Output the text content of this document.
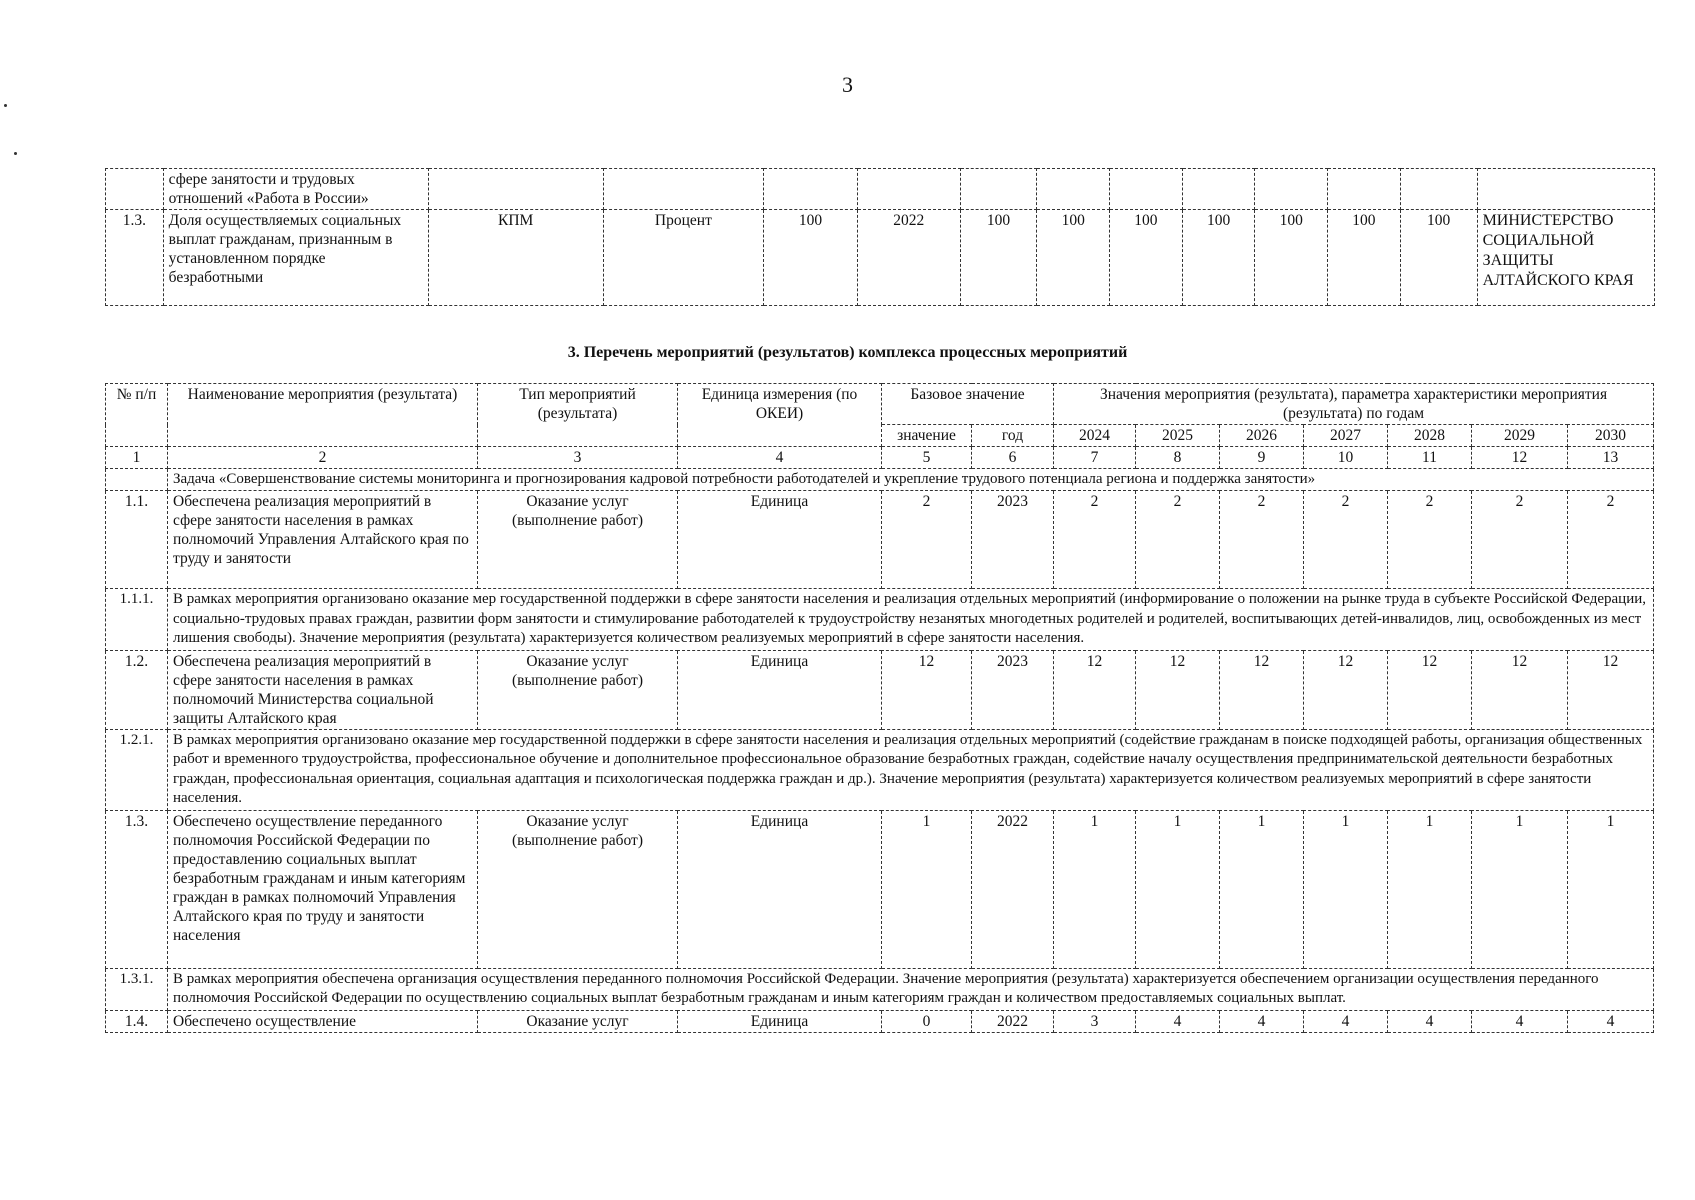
3
	сфере занятости и трудовых отношений «Работа в России»												
1.3.	Доля осуществляемых социальных выплат гражданам, признанным в установленном порядке безработными	КПМ	Процент	100	2022	100	100	100	100	100	100	100	МИНИСТЕРСТВО СОЦИАЛЬНОЙ ЗАЩИТЫ АЛТАЙСКОГО КРАЯ
3. Перечень мероприятий (результатов) комплекса процессных мероприятий
№ п/п	Наименование мероприятия (результата)	Тип мероприятий (результата)	Единица измерения (по ОКЕИ)	Базовое значение		Значения мероприятия (результата), параметра характеристики мероприятия (результата) по годам						
				значение	год	2024	2025	2026	2027	2028	2029	2030
1	2	3	4	5	6	7	8	9	10	11	12	13
	Задача «Совершенствование системы мониторинга и прогнозирования кадровой потребности работодателей и укрепление трудового потенциала региона и поддержка занятости»											
1.1.	Обеспечена реализация мероприятий в сфере занятости населения в рамках полномочий Управления Алтайского края по труду и занятости	Оказание услуг (выполнение работ)	Единица	2	2023	2	2	2	2	2	2	2
1.1.1.	В рамках мероприятия организовано оказание мер государственной поддержки в сфере занятости населения и реализация отдельных мероприятий (информирование о положении на рынке труда в субъекте Российской Федерации, социально-трудовых правах граждан, развитии форм занятости и стимулирование работодателей к трудоустройству незанятых многодетных родителей и родителей, воспитывающих детей-инвалидов, лиц, освобожденных из мест лишения свободы). Значение мероприятия (результата) характеризуется количеством реализуемых мероприятий в сфере занятости населения.											
1.2.	Обеспечена реализация мероприятий в сфере занятости населения в рамках полномочий Министерства социальной защиты Алтайского края	Оказание услуг (выполнение работ)	Единица	12	2023	12	12	12	12	12	12	12
1.2.1.	В рамках мероприятия организовано оказание мер государственной поддержки в сфере занятости населения и реализация отдельных мероприятий (содействие гражданам в поиске подходящей работы, организация общественных работ и временного трудоустройства, профессиональное обучение и дополнительное профессиональное образование безработных граждан, содействие началу осуществления предпринимательской деятельности безработных граждан, профессиональная ориентация, социальная адаптация и психологическая поддержка граждан и др.). Значение мероприятия (результата) характеризуется количеством реализуемых мероприятий в сфере занятости населения.											
1.3.	Обеспечено осуществление переданного полномочия Российской Федерации по предоставлению социальных выплат безработным гражданам и иным категориям граждан в рамках полномочий Управления Алтайского края по труду и занятости населения	Оказание услуг (выполнение работ)	Единица	1	2022	1	1	1	1	1	1	1
1.3.1.	В рамках мероприятия обеспечена организация осуществления переданного полномочия Российской Федерации. Значение мероприятия (результата) характеризуется обеспечением организации осуществления переданного полномочия Российской Федерации по осуществлению социальных выплат безработным гражданам и иным категориям граждан и количеством предоставляемых социальных выплат.											
1.4.	Обеспечено осуществление	Оказание услуг	Единица	0	2022	3	4	4	4	4	4	4
